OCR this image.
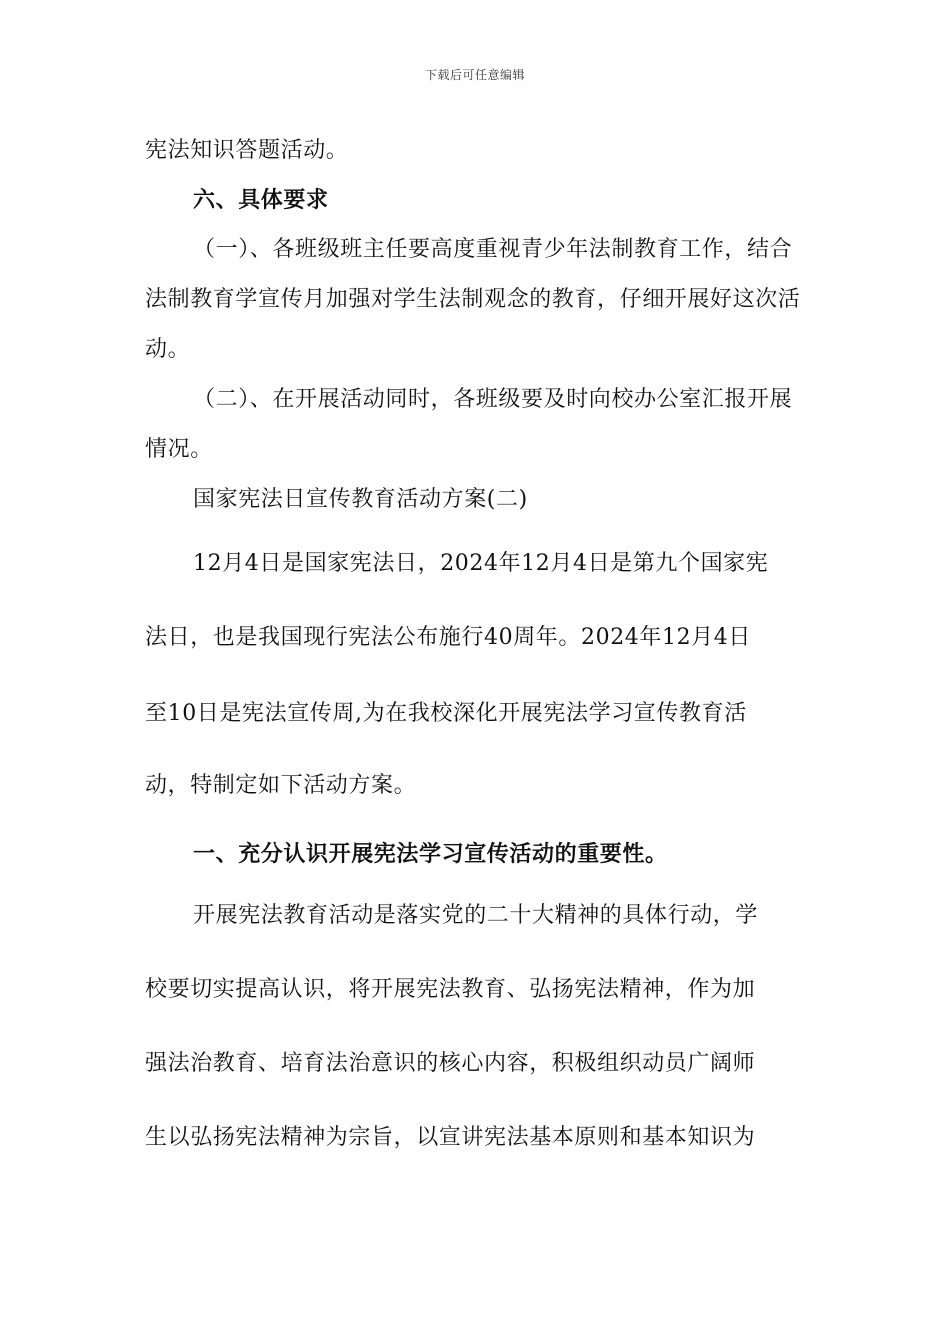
下载后可任意编辑
宪法知识答题活动。
六、具体要求
（一）、各班级班主任要高度重视青少年法制教育工作，结合
法制教育学宣传月加强对学生法制观念的教育，仔细开展好这次活
动。
（二）、在开展活动同时，各班级要及时向校办公室汇报开展
情况。
国家宪法日宣传教育活动方案(二)
12月4日是国家宪法日，2024年12月4日是第九个国家宪
法日，也是我国现行宪法公布施行40周年。2024年12月4日
至10日是宪法宣传周,为在我校深化开展宪法学习宣传教育活
动，特制定如下活动方案。
一、充分认识开展宪法学习宣传活动的重要性。
开展宪法教育活动是落实党的二十大精神的具体行动，学
校要切实提高认识，将开展宪法教育、弘扬宪法精神，作为加
强法治教育、培育法治意识的核心内容，积极组织动员广阔师
生以弘扬宪法精神为宗旨，以宣讲宪法基本原则和基本知识为
